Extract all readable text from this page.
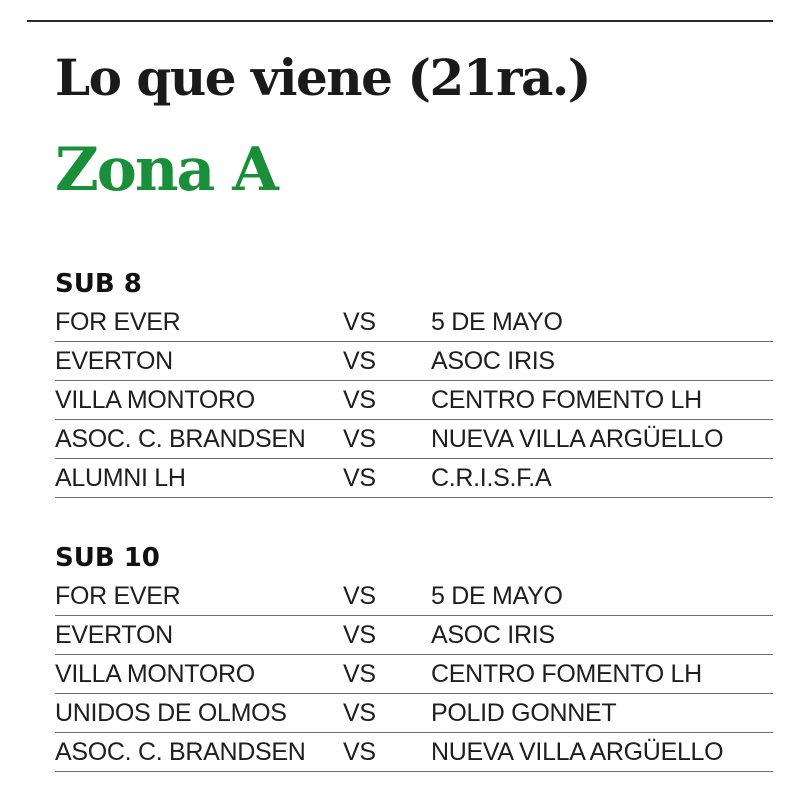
Lo que viene (21ra.)
Zona A
SUB 8
FOR EVER	VS	5 DE MAYO
EVERTON	VS	ASOC IRIS
VILLA MONTORO	VS	CENTRO FOMENTO LH
ASOC. C. BRANDSEN	VS	NUEVA VILLA ARGÜELLO
ALUMNI LH	VS	C.R.I.S.F.A
SUB 10
FOR EVER	VS	5 DE MAYO
EVERTON	VS	ASOC IRIS
VILLA MONTORO	VS	CENTRO FOMENTO LH
UNIDOS DE OLMOS	VS	POLID GONNET
ASOC. C. BRANDSEN	VS	NUEVA VILLA ARGÜELLO
